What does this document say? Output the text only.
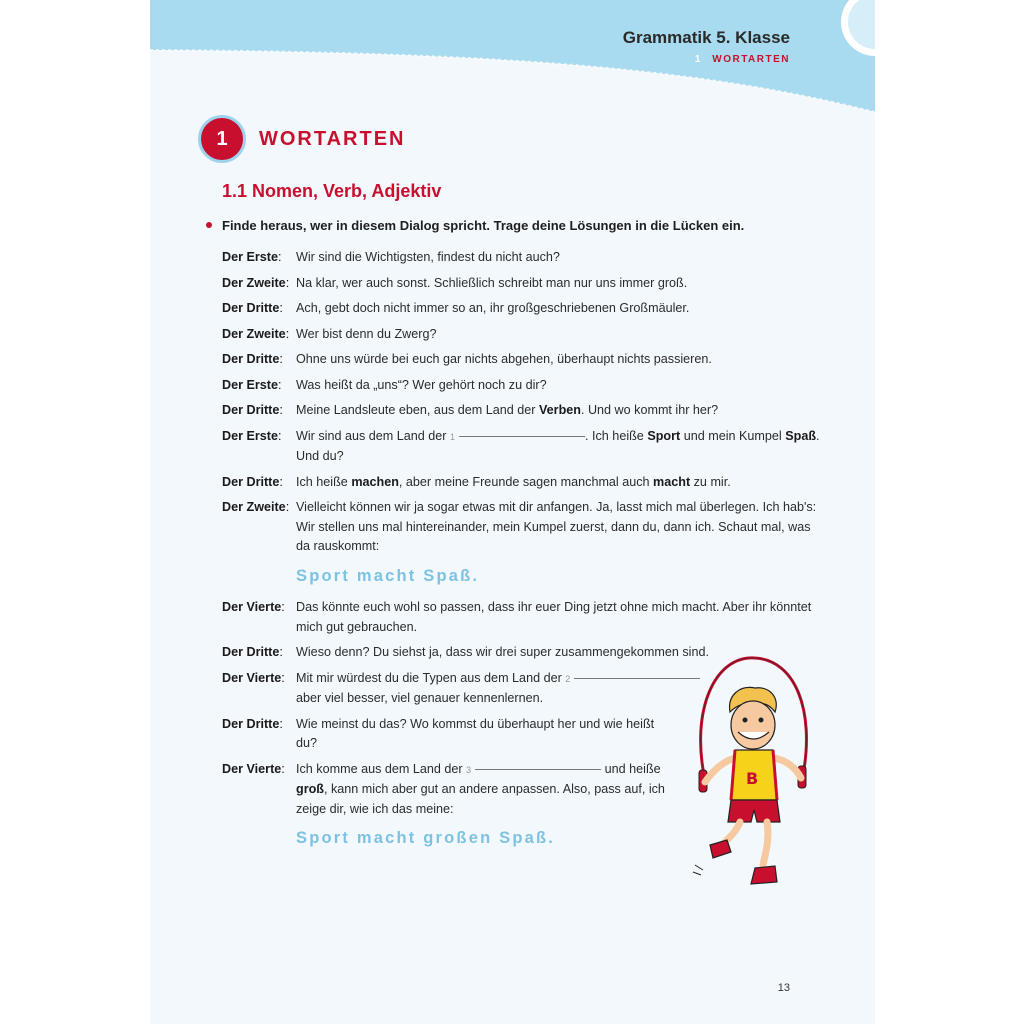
Grammatik 5. Klasse
1 WORTARTEN
1	WORTARTEN
1.1 Nomen, Verb, Adjektiv
Finde heraus, wer in diesem Dialog spricht. Trage deine Lösungen in die Lücken ein.
Der Erste:	Wir sind die Wichtigsten, findest du nicht auch?
Der Zweite: Na klar, wer auch sonst. Schließlich schreibt man nur uns immer groß.
Der Dritte:	Ach, gebt doch nicht immer so an, ihr großgeschriebenen Großmäuler.
Der Zweite: Wer bist denn du Zwerg?
Der Dritte:	Ohne uns würde bei euch gar nichts abgehen, überhaupt nichts passieren.
Der Erste:	Was heißt da „uns“? Wer gehört noch zu dir?
Der Dritte:	Meine Landsleute eben, aus dem Land der Verben. Und wo kommt ihr her?
Der Erste:	Wir sind aus dem Land der 1	. Ich heiße Sport und mein Kumpel Spaß. Und du?
Der Dritte:	Ich heiße machen, aber meine Freunde sagen manchmal auch macht zu mir.
Der Zweite: Vielleicht können wir ja sogar etwas mit dir anfangen. Ja, lasst mich mal überlegen. Ich hab's: Wir stellen uns mal hintereinander, mein Kumpel zuerst, dann du, dann ich. Schaut mal, was da rauskommt:
Sport macht Spaß.
Der Vierte: Das könnte euch wohl so passen, dass ihr euer Ding jetzt ohne mich macht. Aber ihr könntet mich gut gebrauchen.
Der Dritte:	Wieso denn? Du siehst ja, dass wir drei super zusammengekommen sind.
Der Vierte: Mit mir würdest du die Typen aus dem Land der 2
aber viel besser, viel genauer kennenlernen.
Der Dritte:	Wie meinst du das? Wo kommst du überhaupt her und wie heißt du?
Der Vierte: Ich komme aus dem Land der 3	und heiße groß, kann mich aber gut an andere anpassen. Also, pass auf, ich zeige dir, wie ich das meine:
Sport macht großen Spaß.
B
13
